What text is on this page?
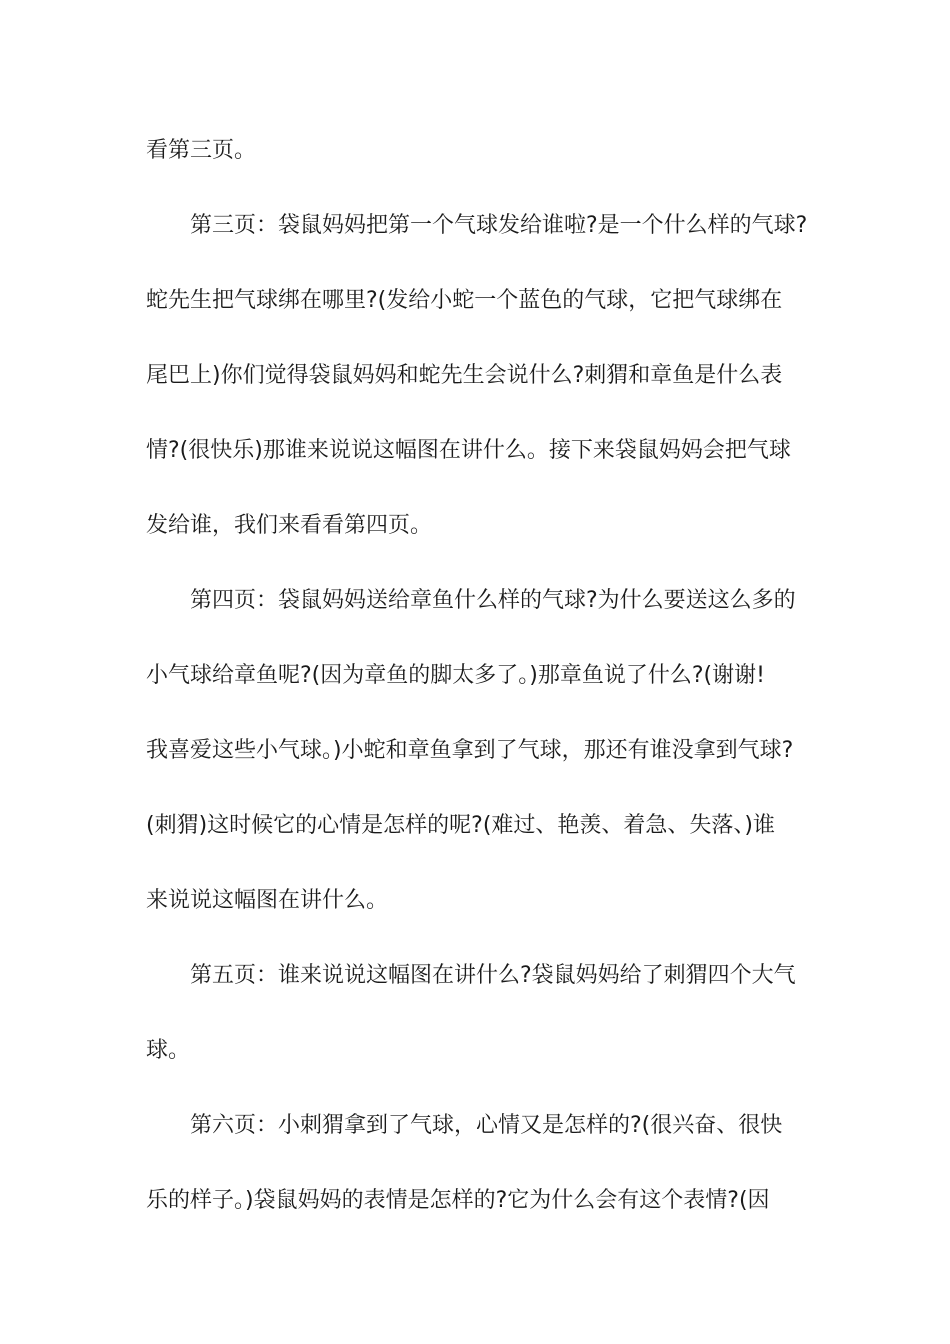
看第三页。
第三页：袋鼠妈妈把第一个气球发给谁啦?是一个什么样的气球?
蛇先生把气球绑在哪里?(发给小蛇一个蓝色的气球，它把气球绑在
尾巴上)你们觉得袋鼠妈妈和蛇先生会说什么?刺猬和章鱼是什么表
情?(很快乐)那谁来说说这幅图在讲什么。接下来袋鼠妈妈会把气球
发给谁，我们来看看第四页。
第四页：袋鼠妈妈送给章鱼什么样的气球?为什么要送这么多的
小气球给章鱼呢?(因为章鱼的脚太多了。)那章鱼说了什么?(谢谢!
我喜爱这些小气球。)小蛇和章鱼拿到了气球，那还有谁没拿到气球?
(刺猬)这时候它的心情是怎样的呢?(难过、艳羡、着急、失落、)谁
来说说这幅图在讲什么。
第五页：谁来说说这幅图在讲什么?袋鼠妈妈给了刺猬四个大气
球。
第六页：小刺猬拿到了气球，心情又是怎样的?(很兴奋、很快
乐的样子。)袋鼠妈妈的表情是怎样的?它为什么会有这个表情?(因
